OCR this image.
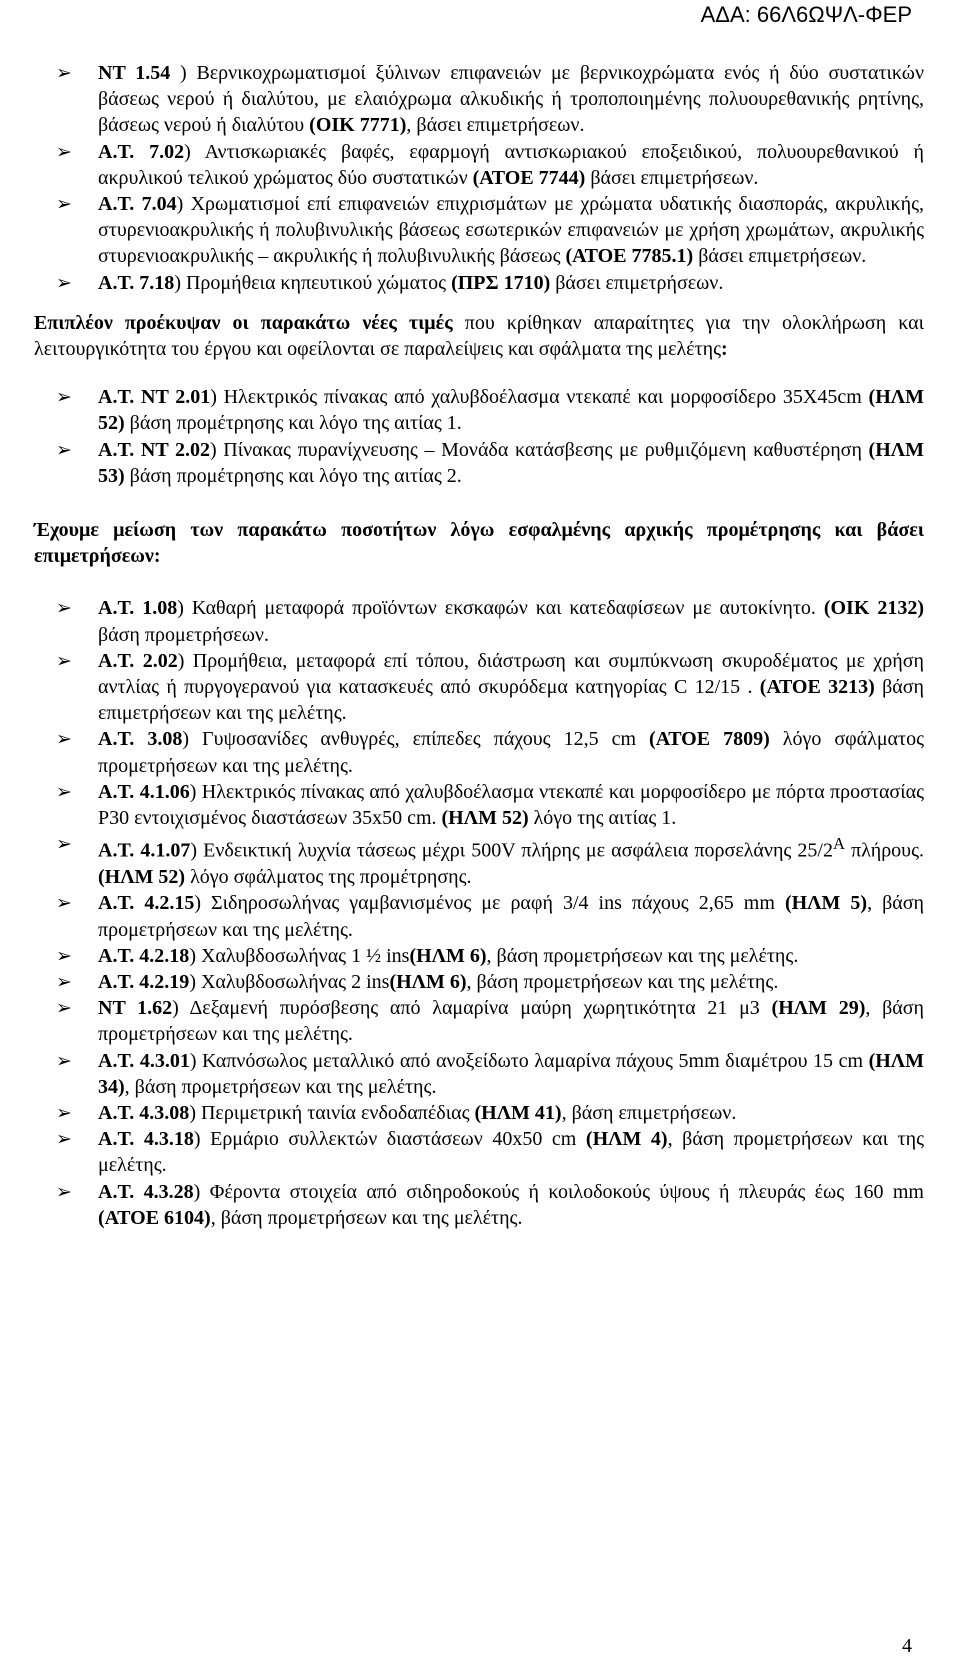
ΑΔΑ: 66Λ6ΩΨΛ-ΦΕΡ
➢ ΝΤ 1.54 ) Βερνικοχρωματισμοί ξύλινων επιφανειών με βερνικοχρώματα ενός ή δύο συστατικών βάσεως νερού ή διαλύτου, με ελαιόχρωμα αλκυδικής ή τροποποιημένης πολυουρεθανικής ρητίνης, βάσεως νερού ή διαλύτου (ΟΙΚ 7771), βάσει επιμετρήσεων.
➢ Α.Τ. 7.02) Αντισκωριακές βαφές, εφαρμογή αντισκωριακού εποξειδικού, πολυουρεθανικού ή ακρυλικού τελικού χρώματος δύο συστατικών (ΑΤΟΕ 7744) βάσει επιμετρήσεων.
➢ Α.Τ. 7.04) Χρωματισμοί επί επιφανειών επιχρισμάτων με χρώματα υδατικής διασποράς, ακρυλικής, στυρενιοακρυλικής ή πολυβινυλικής βάσεως εσωτερικών επιφανειών με χρήση χρωμάτων, ακρυλικής στυρενιοακρυλικής – ακρυλικής ή πολυβινυλικής βάσεως (ΑΤΟΕ 7785.1) βάσει επιμετρήσεων.
➢ Α.Τ. 7.18) Προμήθεια κηπευτικού χώματος (ΠΡΣ 1710) βάσει επιμετρήσεων.

Επιπλέον προέκυψαν οι παρακάτω νέες τιμές που κρίθηκαν απαραίτητες για την ολοκλήρωση και λειτουργικότητα του έργου και οφείλονται σε παραλείψεις και σφάλματα της μελέτης:

➢ Α.Τ. ΝΤ 2.01) Ηλεκτρικός πίνακας από χαλυβδοέλασμα ντεκαπέ και μορφοσίδερο 35X45cm (ΗΛΜ 52) βάση προμέτρησης και λόγο της αιτίας 1.
➢ Α.Τ. ΝΤ 2.02) Πίνακας πυρανίχνευσης – Μονάδα κατάσβεσης με ρυθμιζόμενη καθυστέρηση (ΗΛΜ 53) βάση προμέτρησης και λόγο της αιτίας 2.

Έχουμε μείωση των παρακάτω ποσοτήτων λόγω εσφαλμένης αρχικής προμέτρησης και βάσει επιμετρήσεων:

➢ Α.Τ. 1.08) Καθαρή μεταφορά προϊόντων εκσκαφών και κατεδαφίσεων με αυτοκίνητο. (ΟΙΚ 2132) βάση προμετρήσεων.
➢ Α.Τ. 2.02) Προμήθεια, μεταφορά επί τόπου, διάστρωση και συμπύκνωση σκυροδέματος με χρήση αντλίας ή πυργογερανού για κατασκευές από σκυρόδεμα κατηγορίας C 12/15 . (ΑΤΟΕ 3213) βάση επιμετρήσεων και της μελέτης.
➢ Α.Τ. 3.08) Γυψοσανίδες ανθυγρές, επίπεδες πάχους 12,5 cm (ΑΤΟΕ 7809) λόγο σφάλματος προμετρήσεων και της μελέτης.
➢ Α.Τ. 4.1.06) Ηλεκτρικός πίνακας από χαλυβδοέλασμα ντεκαπέ και μορφοσίδερο με πόρτα προστασίας Ρ30 εντοιχισμένος διαστάσεων 35x50 cm. (ΗΛΜ 52) λόγο της αιτίας 1.
➢ Α.Τ. 4.1.07) Ενδεικτική λυχνία τάσεως μέχρι 500V πλήρης με ασφάλεια πορσελάνης $25/2^A$ πλήρους. (ΗΛΜ 52) λόγο σφάλματος της προμέτρησης.
➢ Α.Τ. 4.2.15) Σιδηροσωλήνας γαμβανισμένος με ραφή 3/4 ins πάχους 2,65 mm (ΗΛΜ 5), βάση προμετρήσεων και της μελέτης.
➢ Α.Τ. 4.2.18) Χαλυβδοσωλήνας 1 ½ ins(ΗΛΜ 6), βάση προμετρήσεων και της μελέτης.
➢ Α.Τ. 4.2.19) Χαλυβδοσωλήνας 2 ins(ΗΛΜ 6), βάση προμετρήσεων και της μελέτης.
➢ ΝΤ 1.62) Δεξαμενή πυρόσβεσης από λαμαρίνα μαύρη χωρητικότητα 21 μ3 (ΗΛΜ 29), βάση προμετρήσεων και της μελέτης.
➢ Α.Τ. 4.3.01) Καπνόσωλος μεταλλικό από ανοξείδωτο λαμαρίνα πάχους 5mm διαμέτρου 15 cm (ΗΛΜ 34), βάση προμετρήσεων και της μελέτης.
➢ Α.Τ. 4.3.08) Περιμετρική ταινία ενδοδαπέδιας (ΗΛΜ 41), βάση επιμετρήσεων.
➢ Α.Τ. 4.3.18) Ερμάριο συλλεκτών διαστάσεων 40x50 cm (ΗΛΜ 4), βάση προμετρήσεων και της μελέτης.
➢ Α.Τ. 4.3.28) Φέροντα στοιχεία από σιδηροδοκούς ή κοιλοδοκούς ύψους ή πλευράς έως 160 mm (ΑΤΟΕ 6104), βάση προμετρήσεων και της μελέτης.
4
